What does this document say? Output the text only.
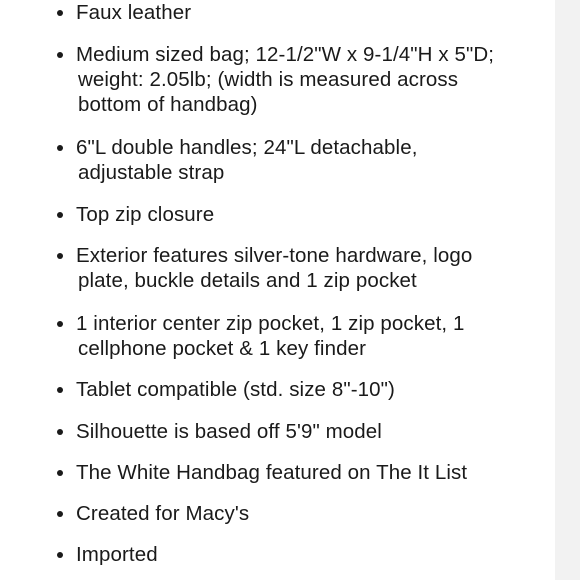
Faux leather
Medium sized bag; 12-1/2"W x 9-1/4"H x 5"D;
weight: 2.05lb; (width is measured across
bottom of handbag)
6"L double handles; 24"L detachable,
adjustable strap
Top zip closure
Exterior features silver-tone hardware, logo
plate, buckle details and 1 zip pocket
1 interior center zip pocket, 1 zip pocket, 1
cellphone pocket & 1 key finder
Tablet compatible (std. size 8"-10")
Silhouette is based off 5'9" model
The White Handbag featured on The It List
Created for Macy's
Imported
